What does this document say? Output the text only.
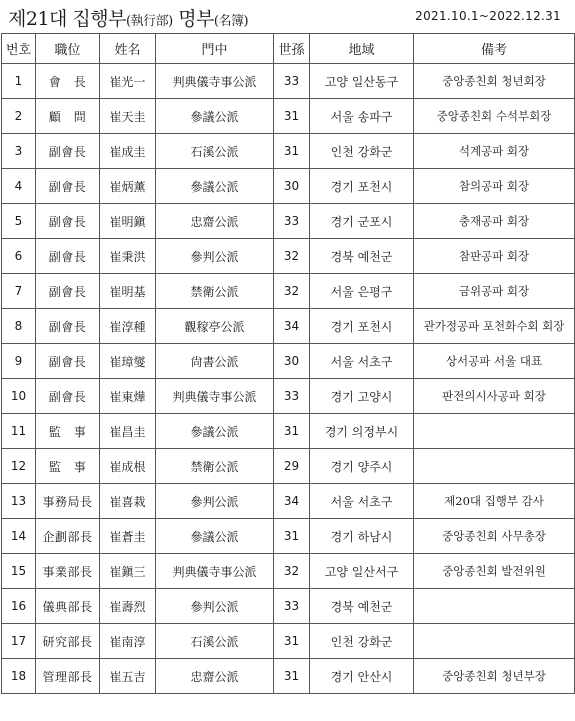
제21대 집행부(執行部) 명부(名簿)	2021.10.1~2022.12.31
번호	職位	姓名	門中	世孫	地域	備考
1	會　長	崔光一	判典儀寺事公派	33	고양 일산동구	중앙종친회 청년회장
2	顧　問	崔天圭	參議公派	31	서울 송파구	중앙종친회 수석부회장
3	副會長	崔成圭	石溪公派	31	인천 강화군	석계공파 회장
4	副會長	崔炳薰	參議公派	30	경기 포천시	참의공파 회장
5	副會長	崔明鎭	忠齋公派	33	경기 군포시	충재공파 회장
6	副會長	崔秉洪	參判公派	32	경북 예천군	참판공파 회장
7	副會長	崔明基	禁衛公派	32	서울 은평구	금위공파 회장
8	副會長	崔淳種	觀稼亭公派	34	경기 포천시	관가정공파 포천화수회 회장
9	副會長	崔璋燮	尙書公派	30	서울 서초구	상서공파 서울 대표
10	副會長	崔東燁	判典儀寺事公派	33	경기 고양시	판전의시사공파 회장
11	監　事	崔昌圭	參議公派	31	경기 의정부시	
12	監　事	崔成根	禁衛公派	29	경기 양주시	
13	事務局長	崔喜栽	參判公派	34	서울 서초구	제20대 집행부 감사
14	企劃部長	崔蒼圭	參議公派	31	경기 하남시	중앙종친회 사무총장
15	事業部長	崔鎭三	判典儀寺事公派	32	고양 일산서구	중앙종친회 발전위원
16	儀典部長	崔壽烈	參判公派	33	경북 예천군	
17	研究部長	崔南淳	石溪公派	31	인천 강화군	
18	管理部長	崔五吉	忠齋公派	31	경기 안산시	중앙종친회 청년부장
